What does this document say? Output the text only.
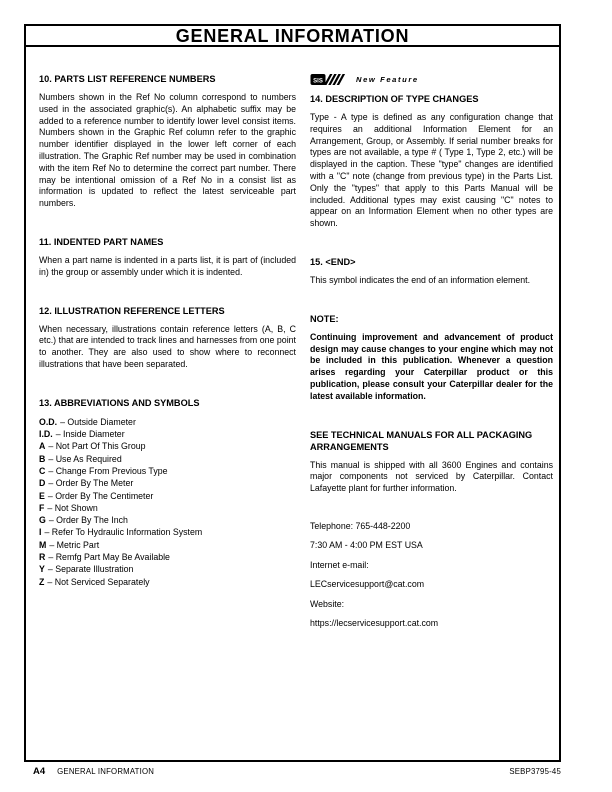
GENERAL INFORMATION
10. PARTS LIST REFERENCE NUMBERS

Numbers shown in the Ref No column correspond to numbers used in the associated graphic(s). An alphabetic suffix may be added to a reference number to identify lower level consist items. Numbers shown in the Graphic Ref column refer to the graphic number identifier displayed in the lower left corner of each illustration. The Graphic Ref number may be used in combination with the item Ref No to determine the correct part number. There may be intentional omission of a Ref No in a consist list as information is updated to reflect the latest serviceable part numbers.

11. INDENTED PART NAMES

When a part name is indented in a parts list, it is part of (included in) the group or assembly under which it is indented.

12. ILLUSTRATION REFERENCE LETTERS

When necessary, illustrations contain reference letters (A, B, C etc.) that are intended to track lines and harnesses from one point to another. They are also used to show where to reconnect illustrations that have been separated.

13. ABBREVIATIONS AND SYMBOLS
O.D. – Outside Diameter
I.D. – Inside Diameter
A – Not Part Of This Group
B – Use As Required
C – Change From Previous Type
D – Order By The Meter
E – Order By The Centimeter
F – Not Shown
G – Order By The Inch
I – Refer To Hydraulic Information System
M – Metric Part
R – Remfg Part May Be Available
Y – Separate Illustration
Z – Not Serviced Separately
SIS	New Feature
14. DESCRIPTION OF TYPE CHANGES

Type - A type is defined as any configuration change that requires an additional Information Element for an Arrangement, Group, or Assembly. If serial number breaks for types are not available, a type # ( Type 1, Type 2, etc.) will be displayed in the caption. These "type" changes are identified with a "C" note (change from previous type) in the Parts List. Only the "types" that apply to this Parts Manual will be included. Additional types may exist causing "C" notes to appear on an Information Element when no other types are shown.

15. <END>

This symbol indicates the end of an information element.

NOTE:

Continuing improvement and advancement of product design may cause changes to your engine which may not be included in this publication. Whenever a question arises regarding your Caterpillar product or this publication, please consult your Caterpillar dealer for the latest available information.

SEE TECHNICAL MANUALS FOR ALL PACKAGING ARRANGEMENTS

This manual is shipped with all 3600 Engines and contains major components not serviced by Caterpillar. Contact Lafayette plant for further information.

Telephone: 765-448-2200

7:30 AM - 4:00 PM EST USA

Internet e-mail:

LECservicesupport@cat.com

Website:

https://lecservicesupport.cat.com

A4 GENERAL INFORMATION	SEBP3795-45
